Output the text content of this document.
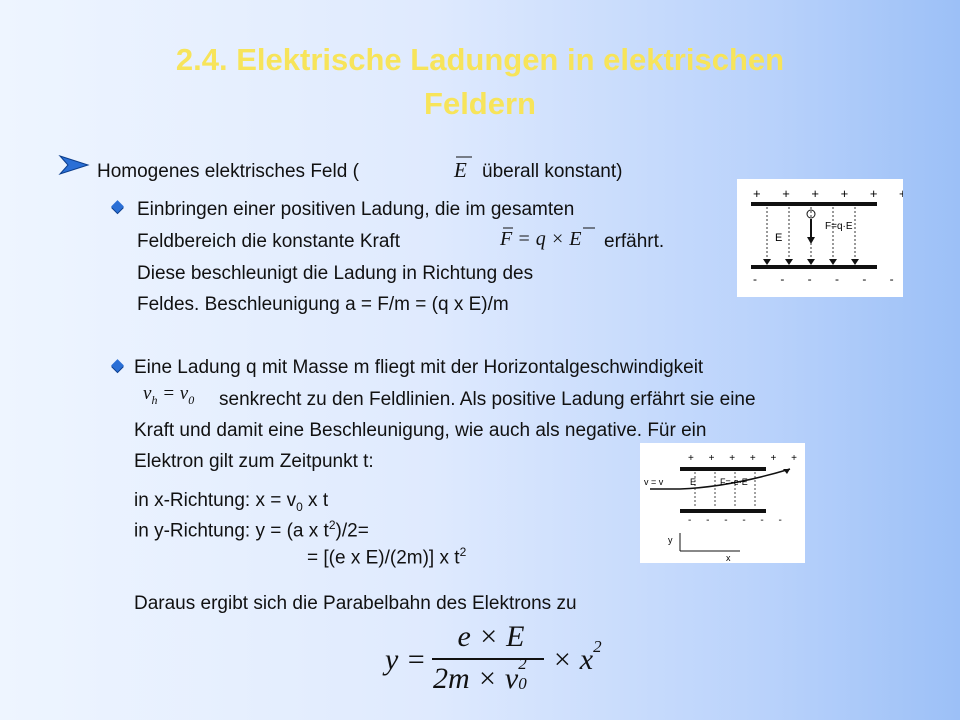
2.4. Elektrische Ladungen in elektrischen
Feldern
Homogenes elektrisches Feld (	E überall konstant)
Einbringen einer positiven Ladung, die im gesamten
Feldbereich die konstante Kraft	F = q × E erfährt.
Diese beschleunigt die Ladung in Richtung des
Feldes. Beschleunigung a = F/m = (q x E)/m
+ + + + + +
E
F=q·E
- - - - - -
Eine Ladung q mit Masse m fliegt mit der Horizontalgeschwindigkeit
$v_h = v_0$ senkrecht zu den Feldlinien. Als positive Ladung erfährt sie eine
Kraft und damit eine Beschleunigung, wie auch als negative. Für ein
Elektron gilt zum Zeitpunkt t:
in x-Richtung: $x = v_0$ x t
in y-Richtung: y = (a x $t^2)/2=$
= [(e x E)/(2m)] x $t^2$
+ + + + + +
v = v	E	F=-e·E
- - - - - -
y
x
Daraus ergibt sich die Parabelbahn des Elektrons zu
y =
e × E
2m × v 2
0
× $x^2$
